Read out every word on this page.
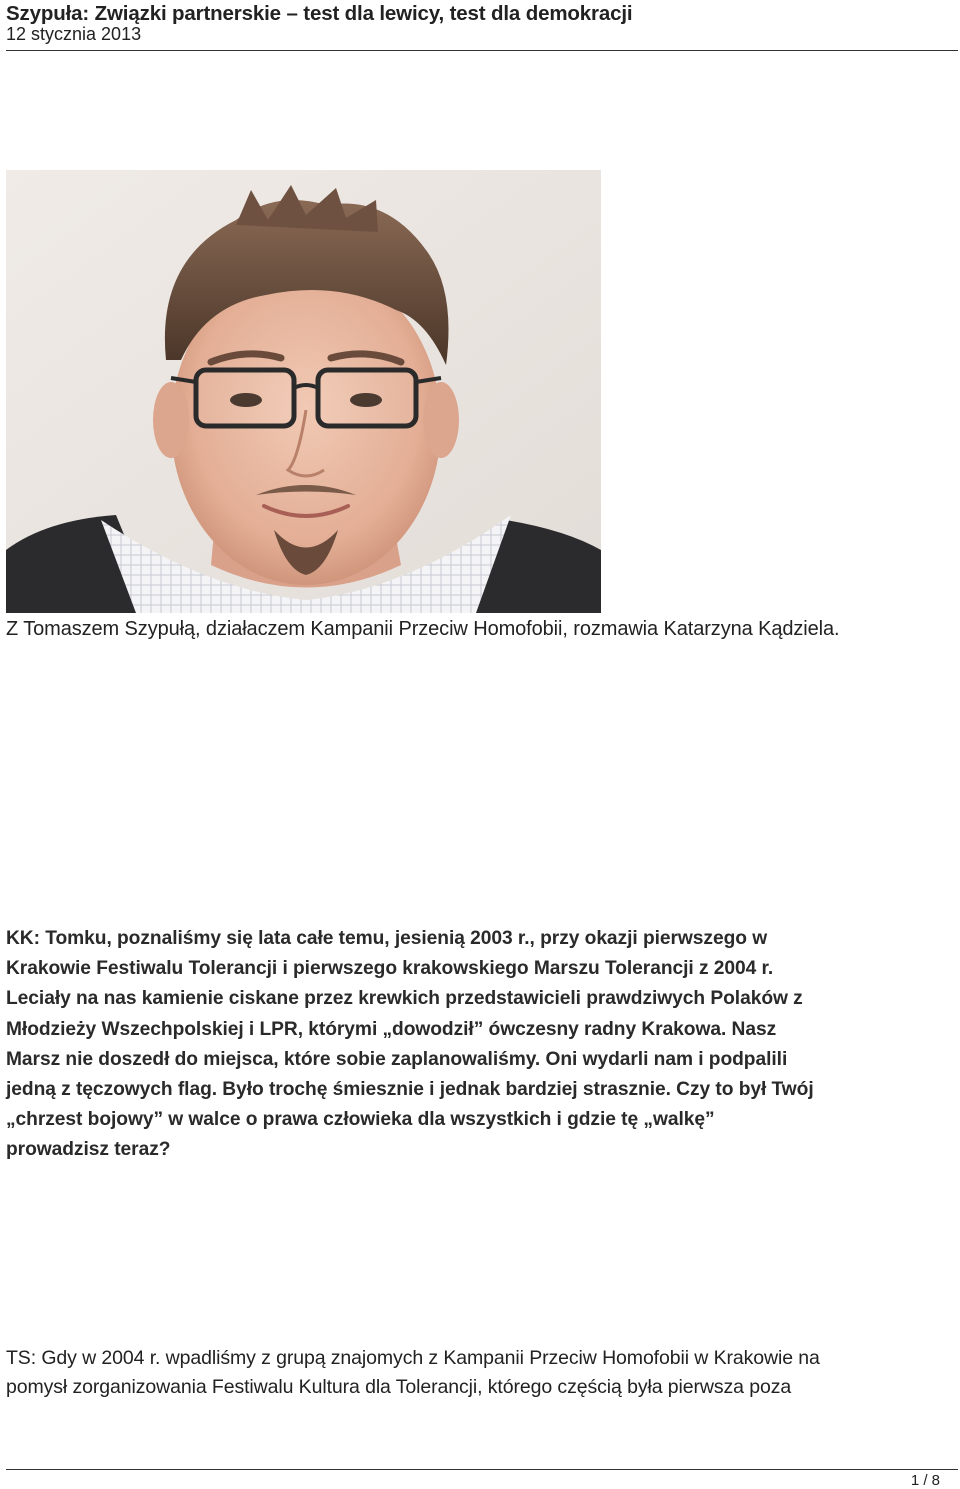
Szypuła: Związki partnerskie – test dla lewicy, test dla demokracji
12 stycznia 2013
Z Tomaszem Szypułą, działaczem Kampanii Przeciw Homofobii, rozmawia Katarzyna Kądziela.
KK: Tomku, poznaliśmy się lata całe temu, jesienią 2003 r., przy okazji pierwszego w
Krakowie Festiwalu Tolerancji i pierwszego krakowskiego Marszu Tolerancji z 2004 r.
Leciały na nas kamienie ciskane przez krewkich przedstawicieli prawdziwych Polaków z
Młodzieży Wszechpolskiej i LPR, którymi „dowodził” ówczesny radny Krakowa. Nasz
Marsz nie doszedł do miejsca, które sobie zaplanowaliśmy. Oni wydarli nam i podpalili
jedną z tęczowych flag. Było trochę śmiesznie i jednak bardziej strasznie. Czy to był Twój
„chrzest bojowy” w walce o prawa człowieka dla wszystkich i gdzie tę „walkę”
prowadzisz teraz?
TS: Gdy w 2004 r. wpadliśmy z grupą znajomych z Kampanii Przeciw Homofobii w Krakowie na
pomysł zorganizowania Festiwalu Kultura dla Tolerancji, którego częścią była pierwsza poza
1 / 8
